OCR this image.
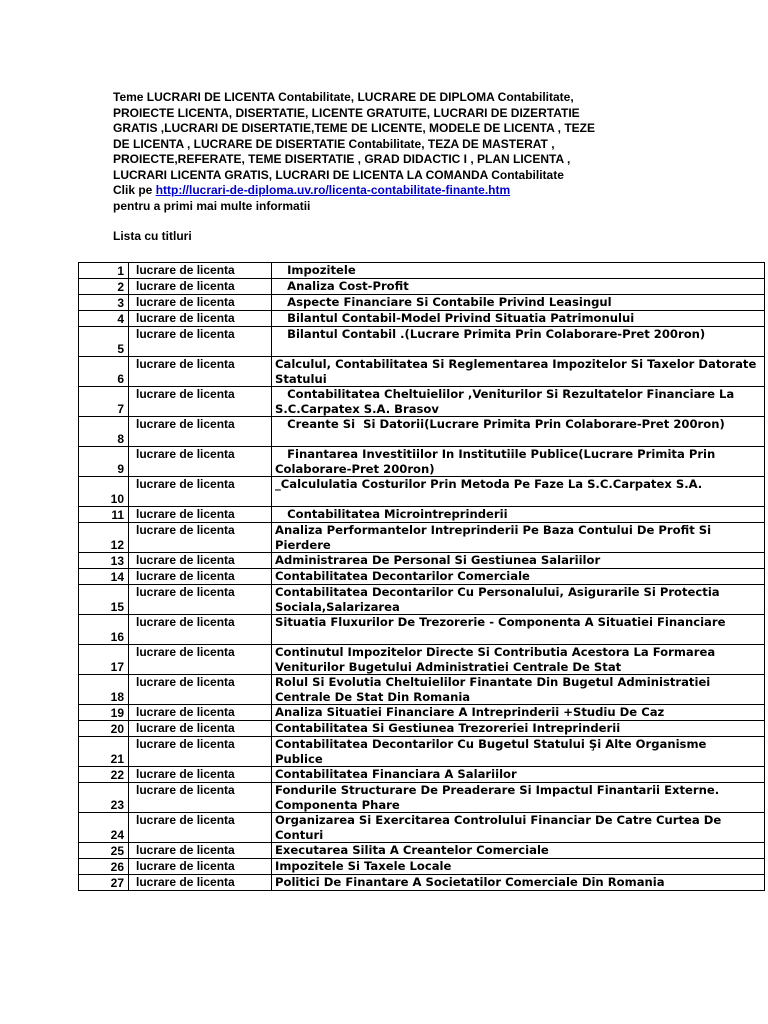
Teme LUCRARI DE LICENTA Contabilitate, LUCRARE DE DIPLOMA Contabilitate,

PROIECTE LICENTA, DISERTATIE, LICENTE GRATUITE, LUCRARI DE DIZERTATIE

GRATIS ,LUCRARI DE DISERTATIE,TEME DE LICENTE, MODELE DE LICENTA , TEZE

DE LICENTA , LUCRARE DE DISERTATIE Contabilitate, TEZA DE MASTERAT ,

PROIECTE,REFERATE, TEME DISERTATIE , GRAD DIDACTIC I , PLAN LICENTA ,

LUCRARI LICENTA GRATIS, LUCRARI DE LICENTA LA COMANDA Contabilitate

Clik pe http://lucrari-de-diploma.uv.ro/licenta-contabilitate-finante.htm

pentru a primi mai multe informatii

Lista cu titluri
1	lucrare de licenta	Impozitele
2	lucrare de licenta	Analiza Cost-Profit
3	lucrare de licenta	Aspecte Financiare Si Contabile Privind Leasingul
4	lucrare de licenta	Bilantul Contabil-Model Privind Situatia Patrimonului
5	lucrare de licenta	Bilantul Contabil .(Lucrare Primita Prin Colaborare-Pret 200ron)
6	lucrare de licenta	Calculul, Contabilitatea Si Reglementarea Impozitelor Si Taxelor Datorate Statului
7	lucrare de licenta	Contabilitatea Cheltuielilor ,Veniturilor Si Rezultatelor Financiare La S.C.Carpatex S.A. Brasov
8	lucrare de licenta	Creante Si  Si Datorii(Lucrare Primita Prin Colaborare-Pret 200ron)
9	lucrare de licenta	Finantarea Investitiilor In Institutiile Publice(Lucrare Primita Prin Colaborare-Pret 200ron)
10	lucrare de licenta	_Calcululatia Costurilor Prin Metoda Pe Faze La S.C.Carpatex S.A.
11	lucrare de licenta	Contabilitatea Microintreprinderii
12	lucrare de licenta	Analiza Performantelor Intreprinderii Pe Baza Contului De Profit Si Pierdere
13	lucrare de licenta	Administrarea De Personal Si Gestiunea Salariilor
14	lucrare de licenta	Contabilitatea Decontarilor Comerciale
15	lucrare de licenta	Contabilitatea Decontarilor Cu Personalului, Asigurarile Si Protectia Sociala,Salarizarea
16	lucrare de licenta	Situatia Fluxurilor De Trezorerie - Componenta A Situatiei Financiare
17	lucrare de licenta	Continutul Impozitelor Directe Si Contributia Acestora La Formarea Veniturilor Bugetului Administratiei Centrale De Stat
18	lucrare de licenta	Rolul Si Evolutia Cheltuielilor Finantate Din Bugetul Administratiei Centrale De Stat Din Romania
19	lucrare de licenta	Analiza Situatiei Financiare A Intreprinderii +Studiu De Caz
20	lucrare de licenta	Contabilitatea Si Gestiunea Trezoreriei Intreprinderii
21	lucrare de licenta	Contabilitatea Decontarilor Cu Bugetul Statului Şi Alte Organisme Publice
22	lucrare de licenta	Contabilitatea Financiara A Salariilor
23	lucrare de licenta	Fondurile Structurare De Preaderare Si Impactul Finantarii Externe. Componenta Phare
24	lucrare de licenta	Organizarea Si Exercitarea Controlului Financiar De Catre Curtea De Conturi
25	lucrare de licenta	Executarea Silita A Creantelor Comerciale
26	lucrare de licenta	Impozitele Si Taxele Locale
27	lucrare de licenta	Politici De Finantare A Societatilor Comerciale Din Romania
